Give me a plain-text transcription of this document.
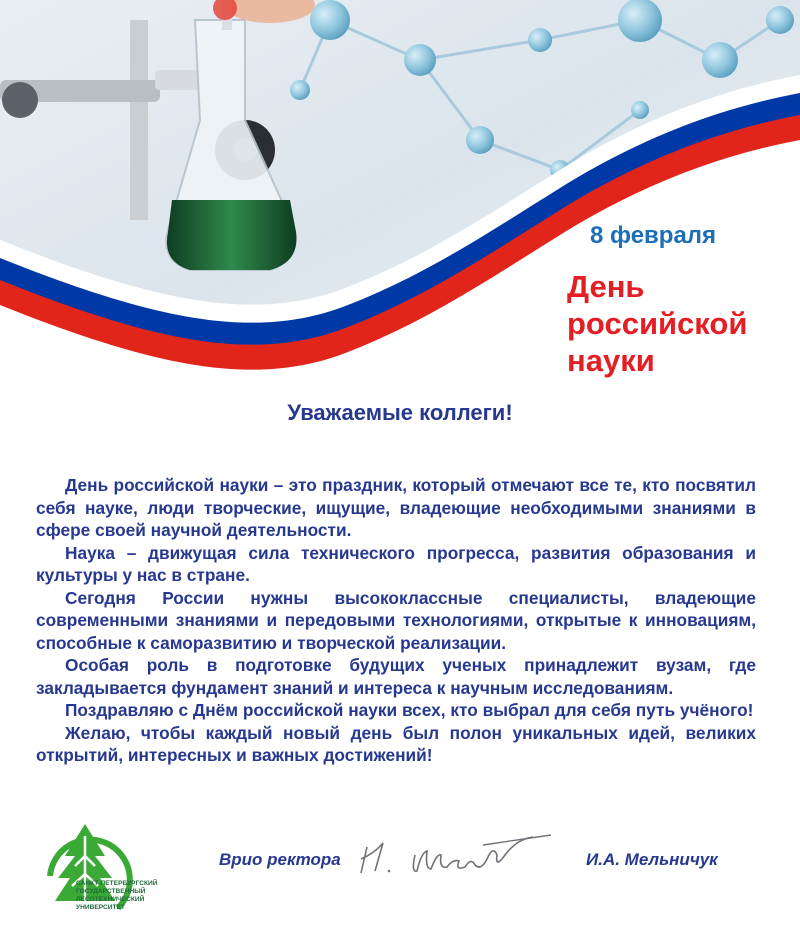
8 февраля
День
российской
науки
Уважаемые коллеги!

День российской науки – это праздник, который отмечают все те, кто посвятил себя науке, люди творческие, ищущие, владеющие необходимыми знаниями в сфере своей научной деятельности.

Наука – движущая сила технического прогресса, развития образования и культуры у нас в стране.

Сегодня России нужны высококлассные специалисты, владеющие современными знаниями и передовыми технологиями, открытые к инновациям, способные к саморазвитию и творческой реализации.

Особая роль в подготовке будущих ученых принадлежит вузам, где закладывается фундамент знаний и интереса к научным исследованиям.

Поздравляю с Днём российской науки всех, кто выбрал для себя путь учёного!

Желаю, чтобы каждый новый день был полон уникальных идей, великих открытий, интересных и важных достижений!

САНКТ-ПЕТЕРБУРГСКИЙ
ГОСУДАРСТВЕННЫЙ
ЛЕСОТЕХНИЧЕСКИЙ
УНИВЕРСИТЕТ
Врио ректора	И.А. Мельничук
